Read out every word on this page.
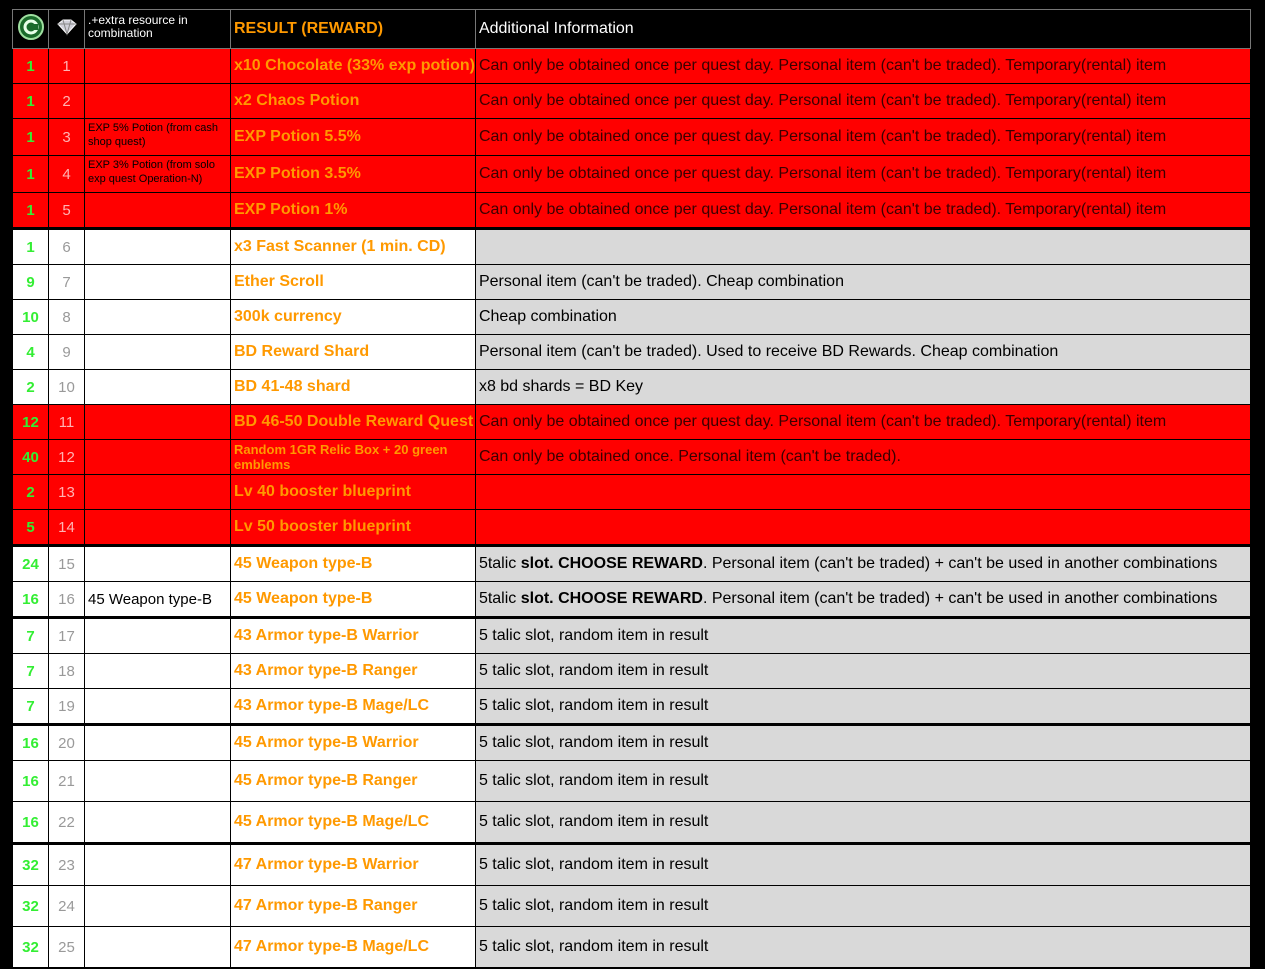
		.+extra resource in combination	RESULT (REWARD)	Additional Information
1	1		x10 Chocolate (33% exp potion)	Can only be obtained once per quest day. Personal item (can't be traded). Temporary(rental) item
1	2		x2 Chaos Potion	Can only be obtained once per quest day. Personal item (can't be traded). Temporary(rental) item
1	3	EXP 5% Potion (from cash shop quest)	EXP Potion 5.5%	Can only be obtained once per quest day. Personal item (can't be traded). Temporary(rental) item
1	4	EXP 3% Potion (from solo exp quest Operation-N)	EXP Potion 3.5%	Can only be obtained once per quest day. Personal item (can't be traded). Temporary(rental) item
1	5		EXP Potion 1%	Can only be obtained once per quest day. Personal item (can't be traded). Temporary(rental) item
1	6		x3 Fast Scanner (1 min. CD)	
9	7		Ether Scroll	Personal item (can't be traded). Cheap combination
10	8		300k currency	Cheap combination
4	9		BD Reward Shard	Personal item (can't be traded). Used to receive BD Rewards. Cheap combination
2	10		BD 41-48 shard	x8 bd shards = BD Key
12	11		BD 46-50 Double Reward Quest	Can only be obtained once per quest day. Personal item (can't be traded). Temporary(rental) item
40	12		Random 1GR Relic Box + 20 green emblems	Can only be obtained once. Personal item (can't be traded).
2	13		Lv 40 booster blueprint	
5	14		Lv 50 booster blueprint	
24	15		45 Weapon type-B	5talic slot. CHOOSE REWARD. Personal item (can't be traded) + can't be used in another combinations
16	16	45 Weapon type-B	45 Weapon type-B	5talic slot. CHOOSE REWARD. Personal item (can't be traded) + can't be used in another combinations
7	17		43 Armor type-B Warrior	5 talic slot, random item in result
7	18		43 Armor type-B Ranger	5 talic slot, random item in result
7	19		43 Armor type-B Mage/LC	5 talic slot, random item in result
16	20		45 Armor type-B Warrior	5 talic slot, random item in result
16	21		45 Armor type-B Ranger	5 talic slot, random item in result
16	22		45 Armor type-B Mage/LC	5 talic slot, random item in result
32	23		47 Armor type-B Warrior	5 talic slot, random item in result
32	24		47 Armor type-B Ranger	5 talic slot, random item in result
32	25		47 Armor type-B Mage/LC	5 talic slot, random item in result
